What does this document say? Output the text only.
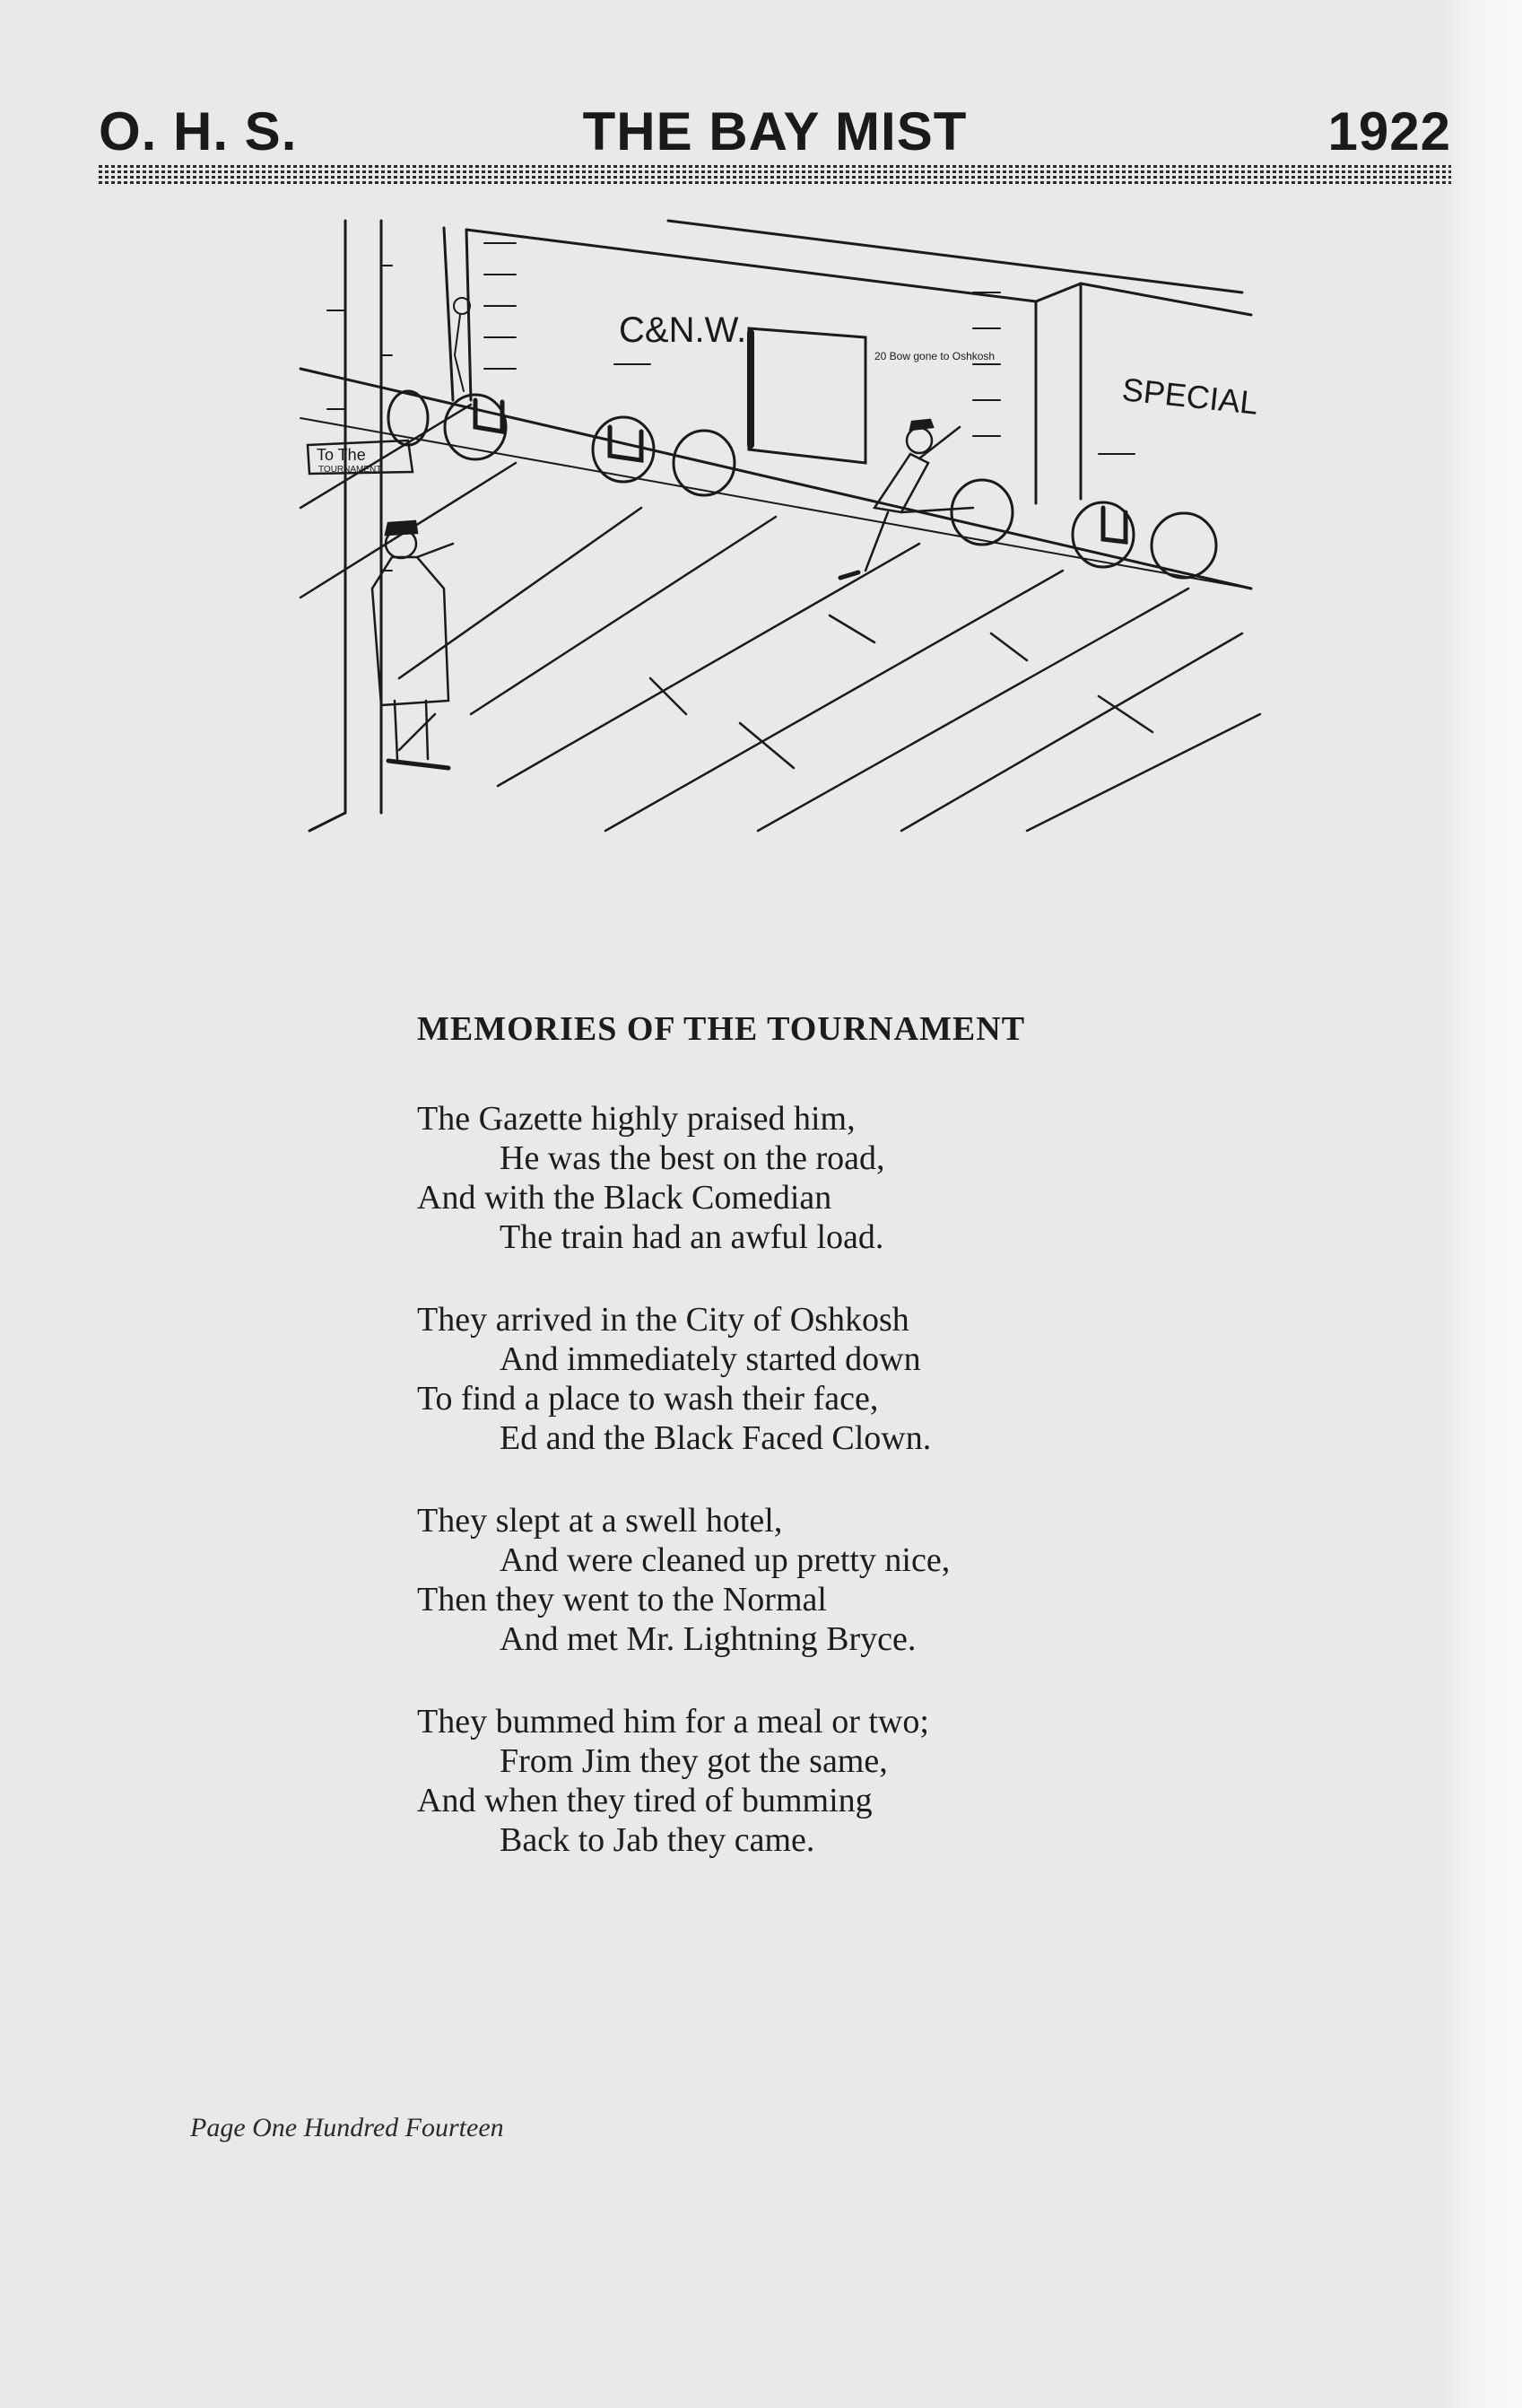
O. H. S.	THE BAY MIST	1922
C&N.W.
SPECIAL
20 Bow gone to Oshkosh
To The
TOURNAMENT
MEMORIES OF THE TOURNAMENT
The Gazette highly praised him,
He was the best on the road,
And with the Black Comedian
The train had an awful load.
They arrived in the City of Oshkosh
And immediately started down
To find a place to wash their face,
Ed and the Black Faced Clown.
They slept at a swell hotel,
And were cleaned up pretty nice,
Then they went to the Normal
And met Mr. Lightning Bryce.
They bummed him for a meal or two;
From Jim they got the same,
And when they tired of bumming
Back to Jab they came.
Page One Hundred Fourteen
